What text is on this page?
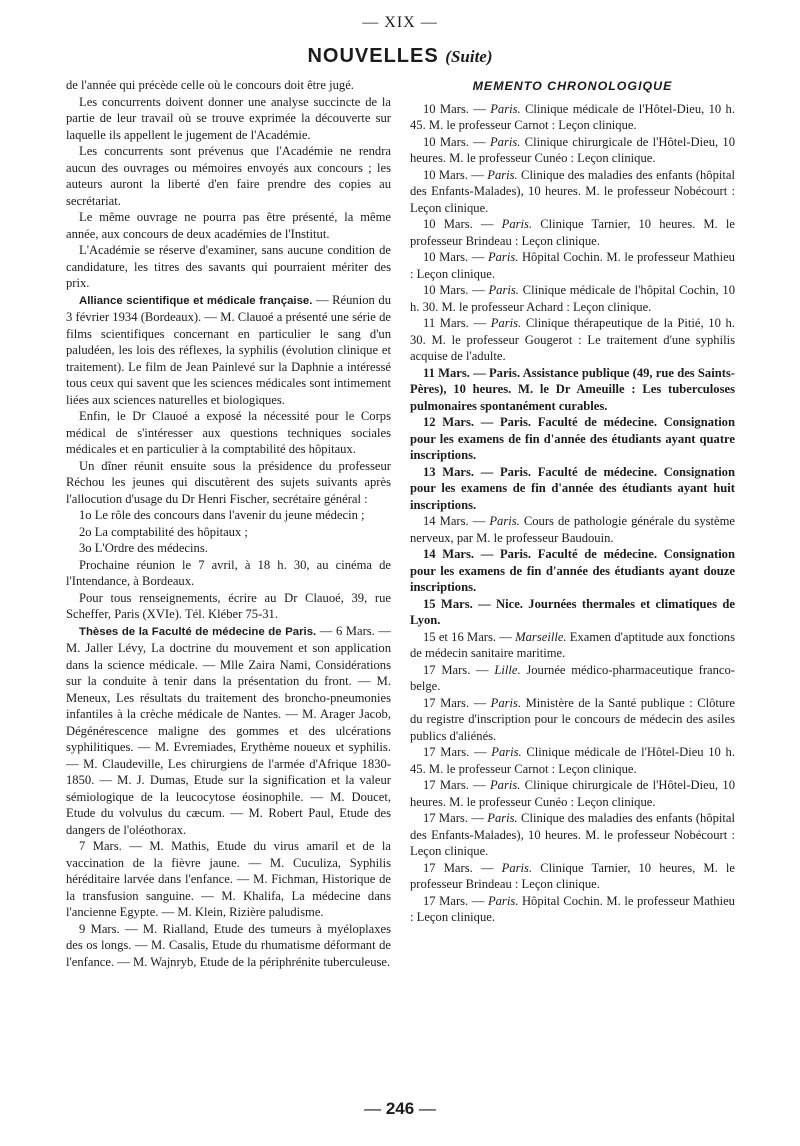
— XIX —
NOUVELLES (Suite)

de l'année qui précède celle où le concours doit être jugé.

Les concurrents doivent donner une analyse succincte de la partie de leur travail où se trouve exprimée la découverte sur laquelle ils appellent le jugement de l'Académie.

Les concurrents sont prévenus que l'Académie ne rendra aucun des ouvrages ou mémoires envoyés aux concours ; les auteurs auront la liberté d'en faire prendre des copies au secrétariat.

Le même ouvrage ne pourra pas être présenté, la même année, aux concours de deux académies de l'Institut.

L'Académie se réserve d'examiner, sans aucune condition de candidature, les titres des savants qui pourraient mériter des prix.

Alliance scientifique et médicale française. — Réunion du 3 février 1934 (Bordeaux). — M. Clauoé a présenté une série de films scientifiques concernant en particulier le sang d'un paludéen, les lois des réflexes, la syphilis (évolution clinique et traitement). Le film de Jean Painlevé sur la Daphnie a intéressé tous ceux qui savent que les sciences médicales sont intimement liées aux sciences naturelles et biologiques.

Enfin, le Dr Clauoé a exposé la nécessité pour le Corps médical de s'intéresser aux questions techniques sociales médicales et en particulier à la comptabilité des hôpitaux.

Un dîner réunit ensuite sous la présidence du professeur Réchou les jeunes qui discutèrent des sujets suivants après l'allocution d'usage du Dr Henri Fischer, secrétaire général :

1o Le rôle des concours dans l'avenir du jeune médecin ;
2o La comptabilité des hôpitaux ;
3o L'Ordre des médecins.

Prochaine réunion le 7 avril, à 18 h. 30, au cinéma de l'Intendance, à Bordeaux.

Pour tous renseignements, écrire au Dr Clauoé, 39, rue Scheffer, Paris (XVIe). Tél. Kléber 75-31.

Thèses de la Faculté de médecine de Paris. — 6 Mars. — M. Jaller Lévy, La doctrine du mouvement et son application dans la science médicale. — Mlle Zaira Nami, Considérations sur la conduite à tenir dans la présentation du front. — M. Meneux, Les résultats du traitement des broncho-pneumonies infantiles à la crèche médicale de Nantes. — M. Arager Jacob, Dégénérescence maligne des gommes et des ulcérations syphilitiques. — M. Evremiades, Erythème noueux et syphilis. — M. Claudeville, Les chirurgiens de l'armée d'Afrique 1830-1850. — M. J. Dumas, Etude sur la signification et la valeur sémiologique de la leucocytose éosinophile. — M. Doucet, Etude du volvulus du cæcum. — M. Robert Paul, Etude des dangers de l'oléothorax.

7 Mars. — M. Mathis, Etude du virus amaril et de la vaccination de la fièvre jaune. — M. Cuculiza, Syphilis héréditaire larvée dans l'enfance. — M. Fichman, Historique de la transfusion sanguine. — M. Khalifa, La médecine dans l'ancienne Egypte. — M. Klein, Rizière paludisme.

9 Mars. — M. Rialland, Etude des tumeurs à myéloplaxes des os longs. — M. Casalis, Etude du rhumatisme déformant de l'enfance. — M. Wajnryb, Etude de la périphrénite tuberculeuse.

MEMENTO CHRONOLOGIQUE

10 Mars. — Paris. Clinique médicale de l'Hôtel-Dieu, 10 h. 45. M. le professeur Carnot : Leçon clinique.

10 Mars. — Paris. Clinique chirurgicale de l'Hôtel-Dieu, 10 heures. M. le professeur Cunéo : Leçon clinique.

10 Mars. — Paris. Clinique des maladies des enfants (hôpital des Enfants-Malades), 10 heures. M. le professeur Nobécourt : Leçon clinique.

10 Mars. — Paris. Clinique Tarnier, 10 heures. M. le professeur Brindeau : Leçon clinique.

10 Mars. — Paris. Hôpital Cochin. M. le professeur Mathieu : Leçon clinique.

10 Mars. — Paris. Clinique médicale de l'hôpital Cochin, 10 h. 30. M. le professeur Achard : Leçon clinique.

11 Mars. — Paris. Clinique thérapeutique de la Pitié, 10 h. 30. M. le professeur Gougerot : Le traitement d'une syphilis acquise de l'adulte.

11 Mars. — Paris. Assistance publique (49, rue des Saints-Pères), 10 heures. M. le Dr Ameuille : Les tuberculoses pulmonaires spontanément curables.

12 Mars. — Paris. Faculté de médecine. Consignation pour les examens de fin d'année des étudiants ayant quatre inscriptions.

13 Mars. — Paris. Faculté de médecine. Consignation pour les examens de fin d'année des étudiants ayant huit inscriptions.

14 Mars. — Paris. Cours de pathologie générale du système nerveux, par M. le professeur Baudouin.

14 Mars. — Paris. Faculté de médecine. Consignation pour les examens de fin d'année des étudiants ayant douze inscriptions.

15 Mars. — Nice. Journées thermales et climatiques de Lyon.

15 et 16 Mars. — Marseille. Examen d'aptitude aux fonctions de médecin sanitaire maritime.

17 Mars. — Lille. Journée médico-pharmaceutique franco-belge.

17 Mars. — Paris. Ministère de la Santé publique : Clôture du registre d'inscription pour le concours de médecin des asiles publics d'aliénés.

17 Mars. — Paris. Clinique médicale de l'Hôtel-Dieu 10 h. 45. M. le professeur Carnot : Leçon clinique.

17 Mars. — Paris. Clinique chirurgicale de l'Hôtel-Dieu, 10 heures. M. le professeur Cunéo : Leçon clinique.

17 Mars. — Paris. Clinique des maladies des enfants (hôpital des Enfants-Malades), 10 heures. M. le professeur Nobécourt : Leçon clinique.

17 Mars. — Paris. Clinique Tarnier, 10 heures, M. le professeur Brindeau : Leçon clinique.

17 Mars. — Paris. Hôpital Cochin. M. le professeur Mathieu : Leçon clinique.

— 246 —
